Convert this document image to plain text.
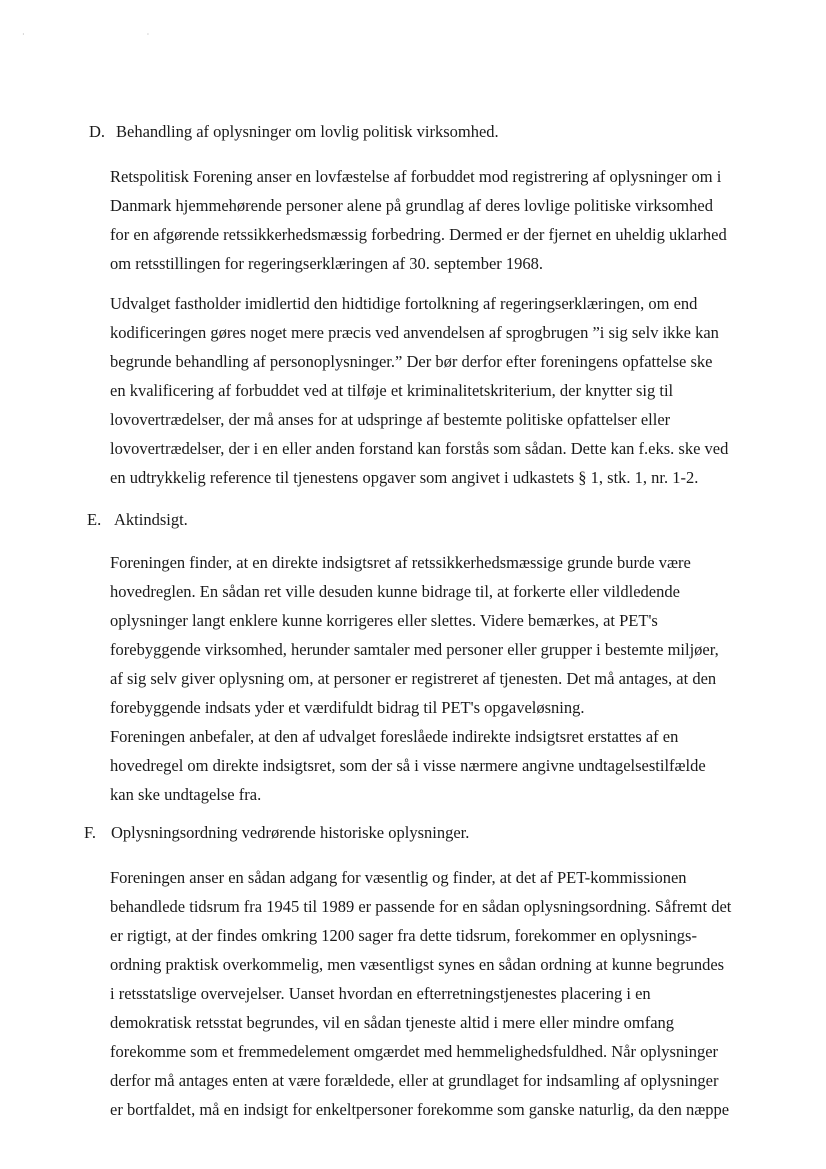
· ·
D. Behandling af oplysninger om lovlig politisk virksomhed.
Retspolitisk Forening anser en lovfæstelse af forbuddet mod registrering af oplysninger om i
Danmark hjemmehørende personer alene på grundlag af deres lovlige politiske virksomhed
for en afgørende retssikkerhedsmæssig forbedring. Dermed er der fjernet en uheldig uklarhed
om retsstillingen for regeringserklæringen af 30. september 1968.
Udvalget fastholder imidlertid den hidtidige fortolkning af regeringserklæringen, om end
kodificeringen gøres noget mere præcis ved anvendelsen af sprogbrugen ”i sig selv ikke kan
begrunde behandling af personoplysninger.” Der bør derfor efter foreningens opfattelse ske
en kvalificering af forbuddet ved at tilføje et kriminalitetskriterium, der knytter sig til
lovovertrædelser, der må anses for at udspringe af bestemte politiske opfattelser eller
lovovertrædelser, der i en eller anden forstand kan forstås som sådan. Dette kan f.eks. ske ved
en udtrykkelig reference til tjenestens opgaver som angivet i udkastets § 1, stk. 1, nr. 1-2.
E. Aktindsigt.
Foreningen finder, at en direkte indsigtsret af retssikkerhedsmæssige grunde burde være
hovedreglen. En sådan ret ville desuden kunne bidrage til, at forkerte eller vildledende
oplysninger langt enklere kunne korrigeres eller slettes. Videre bemærkes, at PET's
forebyggende virksomhed, herunder samtaler med personer eller grupper i bestemte miljøer,
af sig selv giver oplysning om, at personer er registreret af tjenesten. Det må antages, at den
forebyggende indsats yder et værdifuldt bidrag til PET's opgaveløsning.
Foreningen anbefaler, at den af udvalget foreslåede indirekte indsigtsret erstattes af en
hovedregel om direkte indsigtsret, som der så i visse nærmere angivne undtagelsestilfælde
kan ske undtagelse fra.
F. Oplysningsordning vedrørende historiske oplysninger.
Foreningen anser en sådan adgang for væsentlig og finder, at det af PET-kommissionen
behandlede tidsrum fra 1945 til 1989 er passende for en sådan oplysningsordning. Såfremt det
er rigtigt, at der findes omkring 1200 sager fra dette tidsrum, forekommer en oplysnings-
ordning praktisk overkommelig, men væsentligst synes en sådan ordning at kunne begrundes
i retsstatslige overvejelser. Uanset hvordan en efterretningstjenestes placering i en
demokratisk retsstat begrundes, vil en sådan tjeneste altid i mere eller mindre omfang
forekomme som et fremmedelement omgærdet med hemmelighedsfuldhed. Når oplysninger
derfor må antages enten at være forældede, eller at grundlaget for indsamling af oplysninger
er bortfaldet, må en indsigt for enkeltpersoner forekomme som ganske naturlig, da den næppe
